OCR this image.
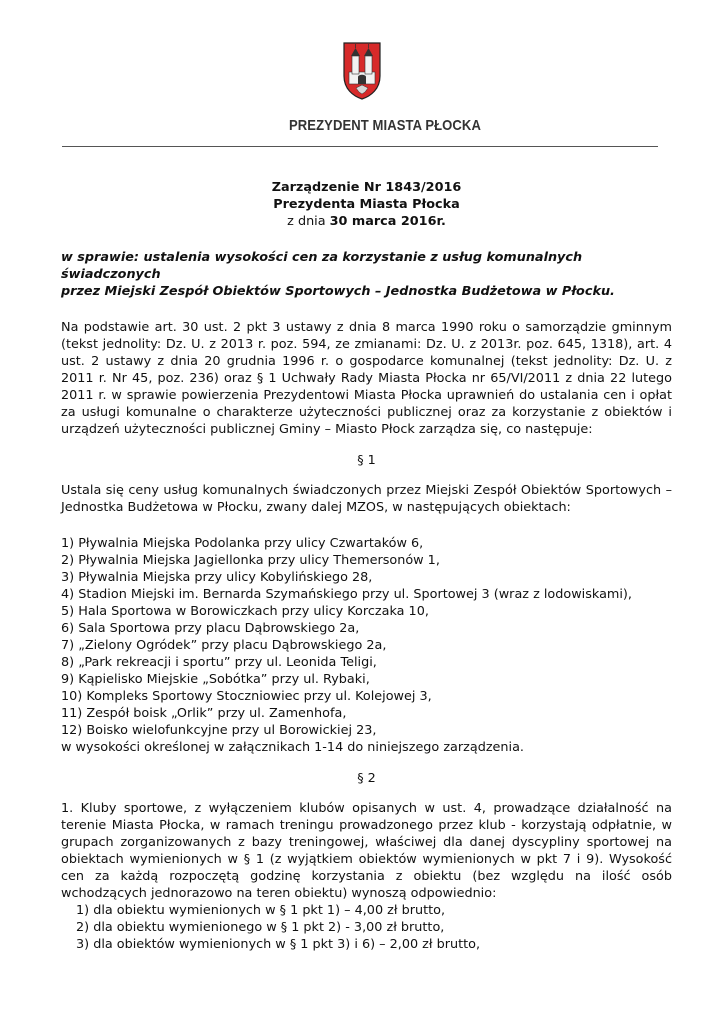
PREZYDENT MIASTA PŁOCKA
Zarządzenie Nr 1843/2016
Prezydenta Miasta Płocka
z dnia 30 marca 2016r.
w sprawie: ustalenia wysokości cen za korzystanie z usług komunalnych świadczonych
przez Miejski Zespół Obiektów Sportowych – Jednostka Budżetowa w Płocku.

Na podstawie art. 30 ust. 2 pkt 3 ustawy z dnia 8 marca 1990 roku o samorządzie gminnym (tekst jednolity: Dz. U. z 2013 r. poz. 594, ze zmianami: Dz. U. z 2013r. poz. 645, 1318), art. 4 ust. 2 ustawy z dnia 20 grudnia 1996 r. o gospodarce komunalnej (tekst jednolity: Dz. U. z 2011 r. Nr 45, poz. 236) oraz § 1 Uchwały Rady Miasta Płocka nr 65/VI/2011 z dnia 22 lutego 2011 r. w sprawie powierzenia Prezydentowi Miasta Płocka uprawnień do ustalania cen i opłat za usługi komunalne o charakterze użyteczności publicznej oraz za korzystanie z obiektów i urządzeń użyteczności publicznej Gminy – Miasto Płock zarządza się, co następuje:

§ 1

Ustala się ceny usług komunalnych świadczonych przez Miejski Zespół Obiektów Sportowych – Jednostka Budżetowa w Płocku, zwany dalej MZOS, w następujących obiektach:

1) Pływalnia Miejska Podolanka przy ulicy Czwartaków 6,
2) Pływalnia Miejska Jagiellonka przy ulicy Themersonów 1,
3) Pływalnia Miejska przy ulicy Kobylińskiego 28,
4) Stadion Miejski im. Bernarda Szymańskiego przy ul. Sportowej 3 (wraz z lodowiskami),
5) Hala Sportowa w Borowiczkach przy ulicy Korczaka 10,
6) Sala Sportowa przy placu Dąbrowskiego 2a,
7) „Zielony Ogródek” przy placu Dąbrowskiego 2a,
8) „Park rekreacji i sportu” przy ul. Leonida Teligi,
9) Kąpielisko Miejskie „Sobótka” przy ul. Rybaki,
10) Kompleks Sportowy Stoczniowiec przy ul. Kolejowej 3,
11) Zespół boisk „Orlik” przy ul. Zamenhofa,
12) Boisko wielofunkcyjne przy ul Borowickiej 23,
w wysokości określonej w załącznikach 1-14 do niniejszego zarządzenia.
§ 2

1. Kluby sportowe, z wyłączeniem klubów opisanych w ust. 4, prowadzące działalność na terenie Miasta Płocka, w ramach treningu prowadzonego przez klub - korzystają odpłatnie, w grupach zorganizowanych z bazy treningowej, właściwej dla danej dyscypliny sportowej na obiektach wymienionych w § 1 (z wyjątkiem obiektów wymienionych w pkt 7 i 9). Wysokość cen za każdą rozpoczętą godzinę korzystania z obiektu (bez względu na ilość osób wchodzących jednorazowo na teren obiektu) wynoszą odpowiednio:

1) dla obiektu wymienionych w § 1 pkt 1) – 4,00 zł brutto,
2) dla obiektu wymienionego w § 1 pkt 2) - 3,00 zł brutto,
3) dla obiektów wymienionych w § 1 pkt 3) i 6) – 2,00 zł brutto,
